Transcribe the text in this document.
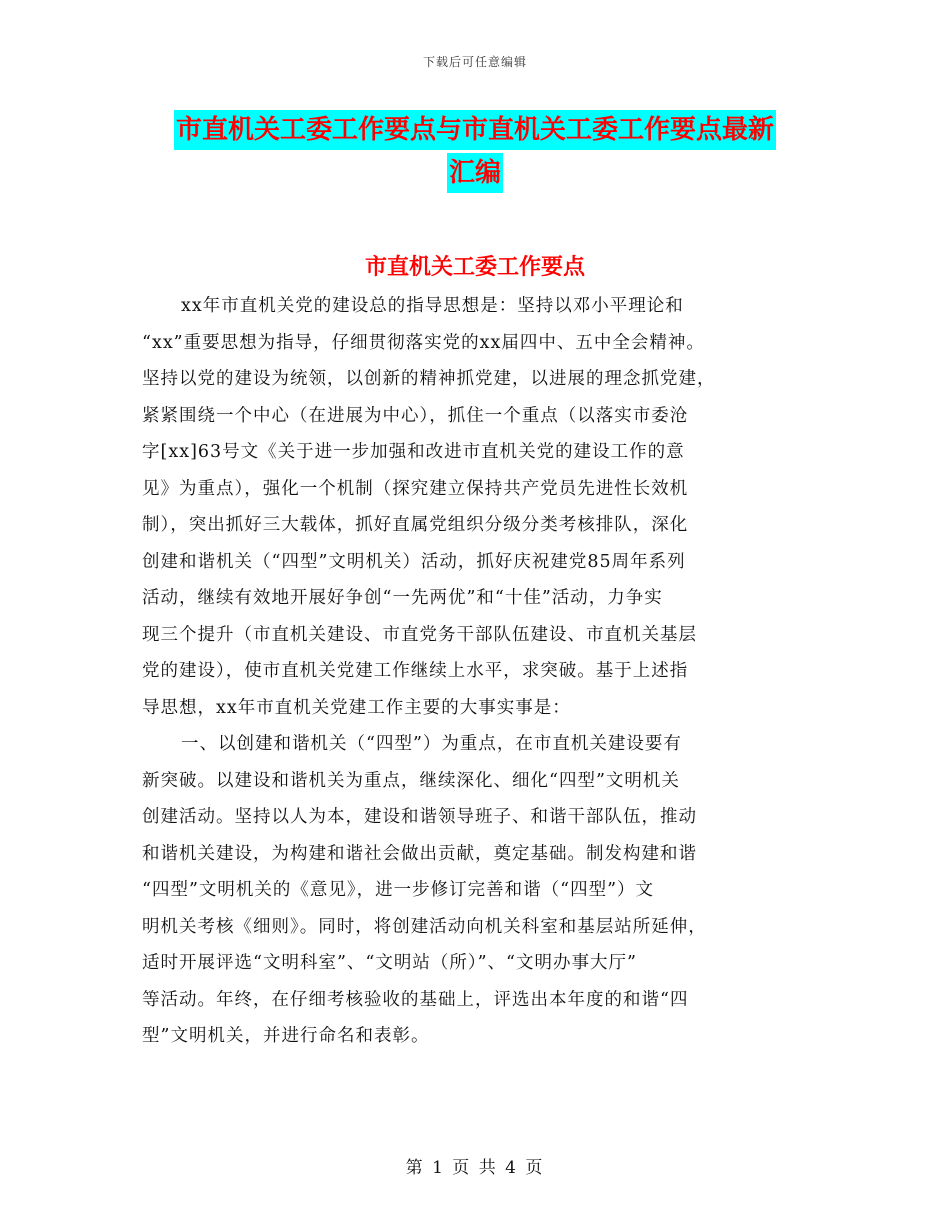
下载后可任意编辑
市直机关工委工作要点与市直机关工委工作要点最新
汇编
市直机关工委工作要点
xx年市直机关党的建设总的指导思想是：坚持以邓小平理论和
“xx”重要思想为指导，仔细贯彻落实党的xx届四中、五中全会精神。
坚持以党的建设为统领，以创新的精神抓党建，以进展的理念抓党建，
紧紧围绕一个中心（在进展为中心），抓住一个重点（以落实市委沧
字[xx]63号文《关于进一步加强和改进市直机关党的建设工作的意
见》为重点），强化一个机制（探究建立保持共产党员先进性长效机
制），突出抓好三大载体，抓好直属党组织分级分类考核排队，深化
创建和谐机关（“四型”文明机关）活动，抓好庆祝建党85周年系列
活动，继续有效地开展好争创“一先两优”和“十佳”活动，力争实
现三个提升（市直机关建设、市直党务干部队伍建设、市直机关基层
党的建设），使市直机关党建工作继续上水平，求突破。基于上述指
导思想，xx年市直机关党建工作主要的大事实事是：
一、以创建和谐机关（“四型”）为重点，在市直机关建设要有
新突破。以建设和谐机关为重点，继续深化、细化“四型”文明机关
创建活动。坚持以人为本，建设和谐领导班子、和谐干部队伍，推动
和谐机关建设，为构建和谐社会做出贡献，奠定基础。制发构建和谐
“四型”文明机关的《意见》，进一步修订完善和谐（“四型”）文
明机关考核《细则》。同时，将创建活动向机关科室和基层站所延伸，
适时开展评选“文明科室”、“文明站（所）”、“文明办事大厅”
等活动。年终，在仔细考核验收的基础上，评选出本年度的和谐“四
型”文明机关，并进行命名和表彰。
第 1 页 共 4 页
